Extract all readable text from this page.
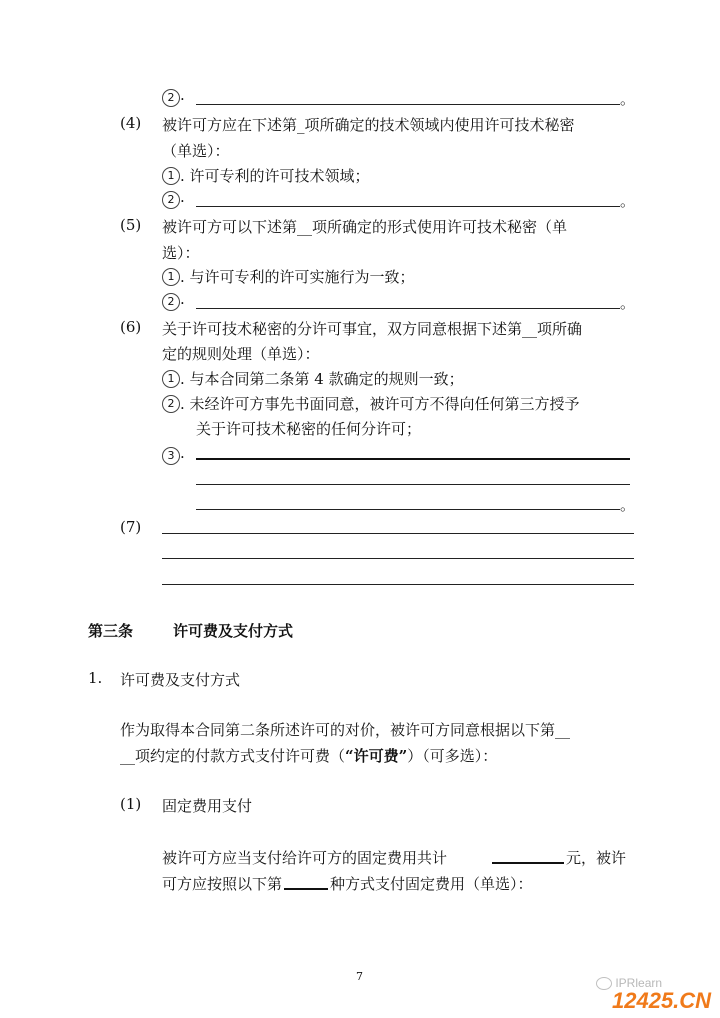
2 .	。
(4) 被许可方应在下述第_项所确定的技术领域内使用许可技术秘密
（单选）：
1 . 许可专利的许可技术领域；
2 .	。
(5) 被许可方可以下述第__项所确定的形式使用许可技术秘密（单
选）：
1 . 与许可专利的许可实施行为一致；
2 .	。
(6) 关于许可技术秘密的分许可事宜，双方同意根据下述第__项所确
定的规则处理（单选）：
1 . 与本合同第二条第 4 款确定的规则一致；
2 . 未经许可方事先书面同意，被许可方不得向任何第三方授予
关于许可技术秘密的任何分许可；
3 .
。
(7)
第三条	许可费及支付方式
1. 许可费及支付方式
作为取得本合同第二条所述许可的对价，被许可方同意根据以下第__
__项约定的付款方式支付许可费（“许可费”）（可多选）：
(1) 固定费用支付
被许可方应当支付给许可方的固定费用共计	元，被许
可方应按照以下第	种方式支付固定费用（单选）：
7	IPRlearn
12425.CN
